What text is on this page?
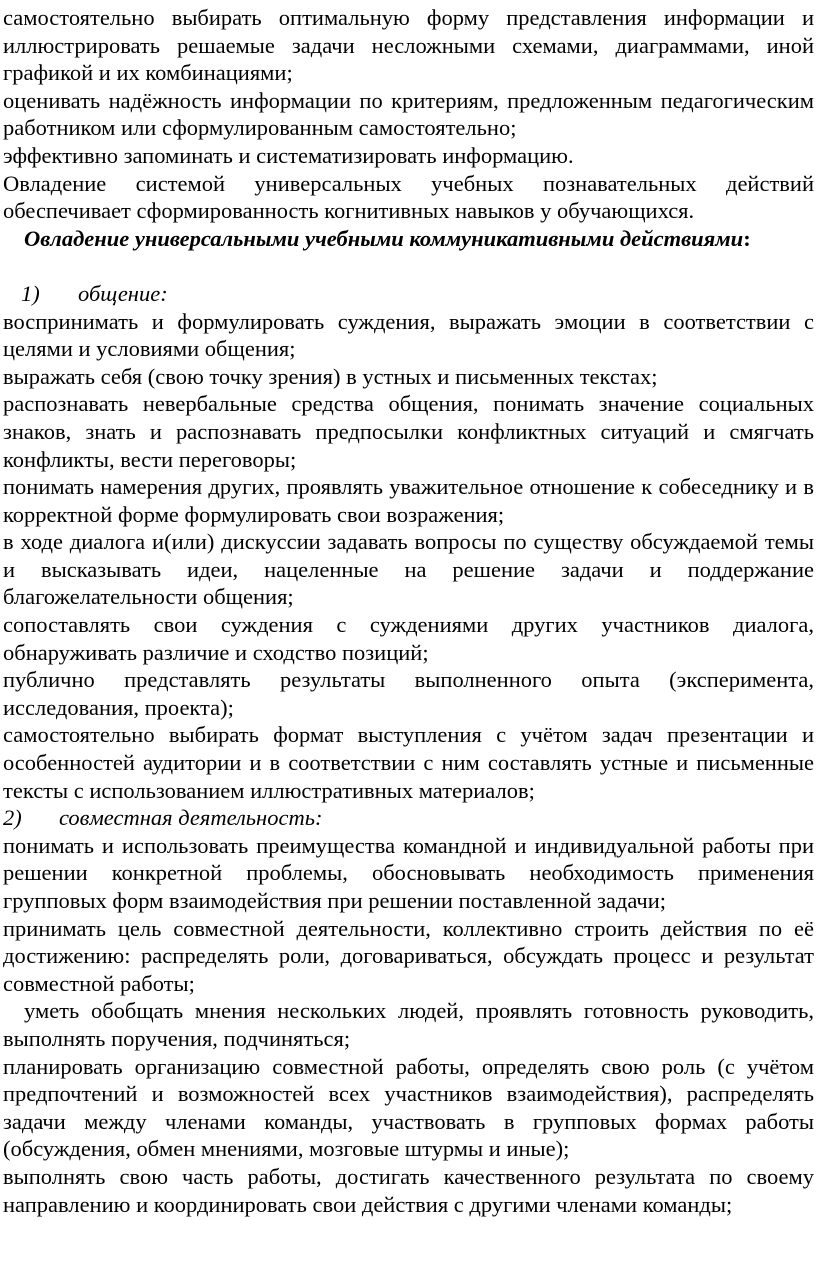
самостоятельно выбирать оптимальную форму представления информации и иллюстрировать решаемые задачи несложными схемами, диаграммами, иной графикой и их комбинациями;

оценивать надёжность информации по критериям, предложенным педагогическим работником или сформулированным самостоятельно;

эффективно запоминать и систематизировать информацию.

Овладение системой универсальных учебных познавательных действий обеспечивает сформированность когнитивных навыков у обучающихся.

Овладение универсальными учебными коммуникативными действиями:

1) общение:

воспринимать и формулировать суждения, выражать эмоции в соответствии с целями и условиями общения;

выражать себя (свою точку зрения) в устных и письменных текстах;

распознавать невербальные средства общения, понимать значение социальных знаков, знать и распознавать предпосылки конфликтных ситуаций и смягчать конфликты, вести переговоры;

понимать намерения других, проявлять уважительное отношение к собеседнику и в корректной форме формулировать свои возражения;

в ходе диалога и(или) дискуссии задавать вопросы по существу обсуждаемой темы и высказывать идеи, нацеленные на решение задачи и поддержание благожелательности общения;

сопоставлять свои суждения с суждениями других участников диалога, обнаруживать различие и сходство позиций;

публично представлять результаты выполненного опыта (эксперимента, исследования, проекта);

самостоятельно выбирать формат выступления с учётом задач презентации и особенностей аудитории и в соответствии с ним составлять устные и письменные тексты с использованием иллюстративных материалов;

2) совместная деятельность:

понимать и использовать преимущества командной и индивидуальной работы при решении конкретной проблемы, обосновывать необходимость применения групповых форм взаимодействия при решении поставленной задачи;

принимать цель совместной деятельности, коллективно строить действия по её достижению: распределять роли, договариваться, обсуждать процесс и результат совместной работы;

уметь обобщать мнения нескольких людей, проявлять готовность руководить, выполнять поручения, подчиняться;

планировать организацию совместной работы, определять свою роль (с учётом предпочтений и возможностей всех участников взаимодействия), распределять задачи между членами команды, участвовать в групповых формах работы (обсуждения, обмен мнениями, мозговые штурмы и иные);

выполнять свою часть работы, достигать качественного результата по своему направлению и координировать свои действия с другими членами команды;
